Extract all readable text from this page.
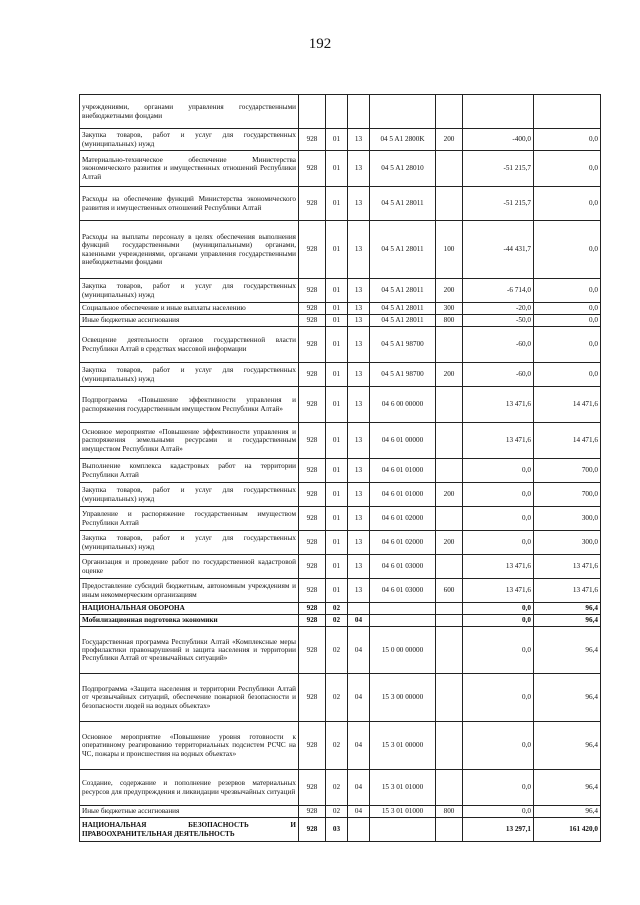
192
учреждениями, органами управления государственными внебюджетными фондами							
Закупка товаров, работ и услуг для государственных (муниципальных) нужд	928	01	13	04 5 A1 2800K	200	-400,0	0,0
Материально-техническое обеспечение Министерства экономического развития и имущественных отношений Республики Алтай	928	01	13	04 5 A1 28010		-51 215,7	0,0
Расходы на обеспечение функций Министерства экономического развития и имущественных отношений Республики Алтай	928	01	13	04 5 A1 28011		-51 215,7	0,0
Расходы на выплаты персоналу в целях обеспечения выполнения функций государственными (муниципальными) органами, казенными учреждениями, органами управления государственными внебюджетными фондами	928	01	13	04 5 A1 28011	100	-44 431,7	0,0
Закупка товаров, работ и услуг для государственных (муниципальных) нужд	928	01	13	04 5 A1 28011	200	-6 714,0	0,0
Социальное обеспечение и иные выплаты населению	928	01	13	04 5 A1 28011	300	-20,0	0,0
Иные бюджетные ассигнования	928	01	13	04 5 A1 28011	800	-50,0	0,0
Освещение деятельности органов государственной власти Республики Алтай в средствах массовой информации	928	01	13	04 5 A1 98700		-60,0	0,0
Закупка товаров, работ и услуг для государственных (муниципальных) нужд	928	01	13	04 5 A1 98700	200	-60,0	0,0
Подпрограмма «Повышение эффективности управления и распоряжения государственным имуществом Республики Алтай»	928	01	13	04 6 00 00000		13 471,6	14 471,6
Основное мероприятие «Повышение эффективности управления и распоряжения земельными ресурсами и государственным имуществом Республики Алтай»	928	01	13	04 6 01 00000		13 471,6	14 471,6
Выполнение комплекса кадастровых работ на территории Республики Алтай	928	01	13	04 6 01 01000		0,0	700,0
Закупка товаров, работ и услуг для государственных (муниципальных) нужд	928	01	13	04 6 01 01000	200	0,0	700,0
Управление и распоряжение государственным имуществом Республики Алтай	928	01	13	04 6 01 02000		0,0	300,0
Закупка товаров, работ и услуг для государственных (муниципальных) нужд	928	01	13	04 6 01 02000	200	0,0	300,0
Организация и проведение работ по государственной кадастровой оценке	928	01	13	04 6 01 03000		13 471,6	13 471,6
Предоставление субсидий бюджетным, автономным учреждениям и иным некоммерческим организациям	928	01	13	04 6 01 03000	600	13 471,6	13 471,6
НАЦИОНАЛЬНАЯ ОБОРОНА	928	02				0,0	96,4
Мобилизационная подготовка экономики	928	02	04			0,0	96,4
Государственная программа Республики Алтай «Комплексные меры профилактики правонарушений и защита населения и территории Республики Алтай от чрезвычайных ситуаций»	928	02	04	15 0 00 00000		0,0	96,4
Подпрограмма «Защита населения и территории Республики Алтай от чрезвычайных ситуаций, обеспечение пожарной безопасности и безопасности людей на водных объектах»	928	02	04	15 3 00 00000		0,0	96,4
Основное мероприятие «Повышение уровня готовности к оперативному реагированию территориальных подсистем РСЧС на ЧС, пожары и происшествия на водных объектах»	928	02	04	15 3 01 00000		0,0	96,4
Создание, содержание и пополнение резервов материальных ресурсов для предупреждения и ликвидации чрезвычайных ситуаций	928	02	04	15 3 01 01000		0,0	96,4
Иные бюджетные ассигнования	928	02	04	15 3 01 01000	800	0,0	96,4
НАЦИОНАЛЬНАЯ БЕЗОПАСНОСТЬ И ПРАВООХРАНИТЕЛЬНАЯ ДЕЯТЕЛЬНОСТЬ	928	03				13 297,1	161 420,0
